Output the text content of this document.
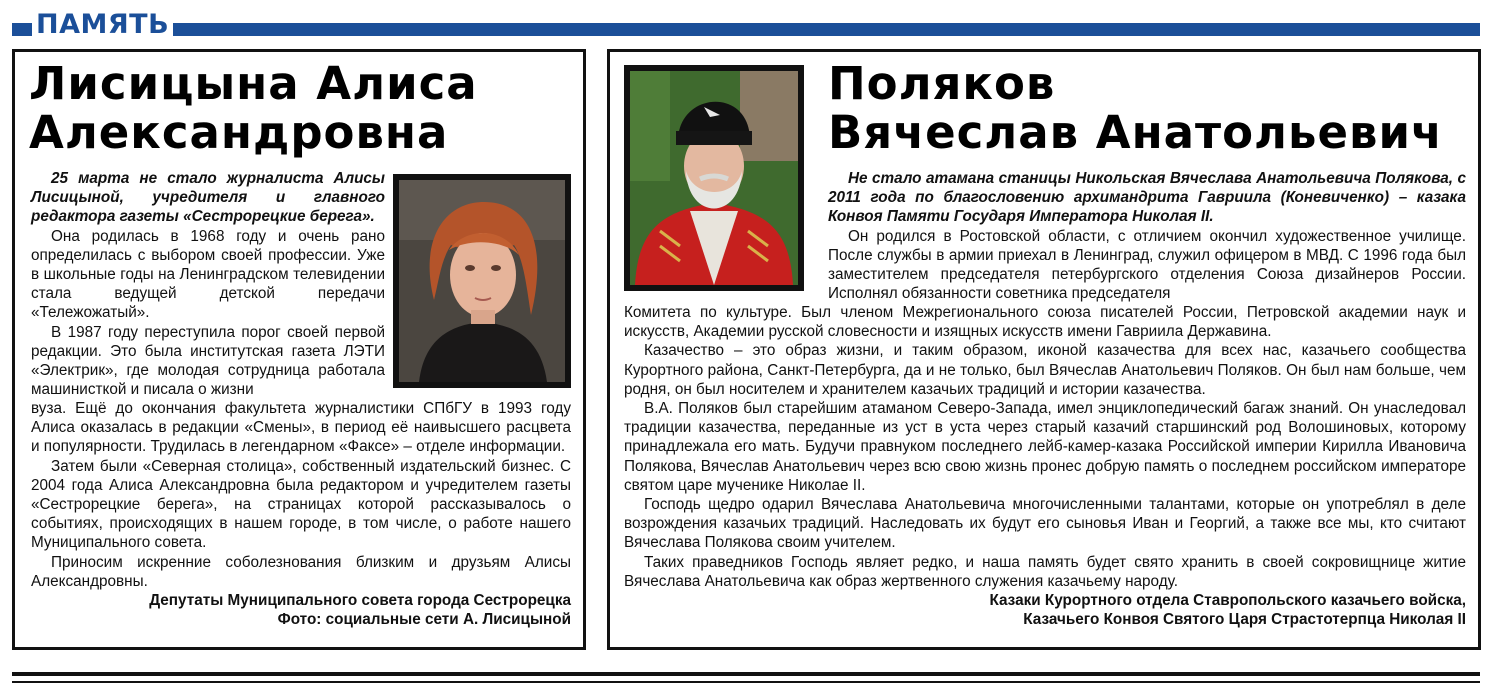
ПАМЯТЬ
Лисицына Алиса
Александровна

25 марта не стало журналиста Алисы Лисицыной, учредителя и главного редактора газеты «Сестрорецкие берега».

Она родилась в 1968 году и очень рано определилась с выбором своей профессии. Уже в школьные годы на Ленинградском телевидении стала ведущей детской передачи «Тележожатый».

В 1987 году переступила порог своей первой редакции. Это была институтская газета ЛЭТИ «Электрик», где молодая сотрудница работала машинисткой и писала о жизни

вуза. Ещё до окончания факультета журналистики СПбГУ в 1993 году Алиса оказалась в редакции «Смены», в период её наивысшего расцвета и популярности. Трудилась в легендарном «Факсе» – отделе информации.

Затем были «Северная столица», собственный издательский бизнес. С 2004 года Алиса Александровна была редактором и учредителем газеты «Сестрорецкие берега», на страницах которой рассказывалось о событиях, происходящих в нашем городе, в том числе, о работе нашего Муниципального совета.

Приносим искренние соболезнования близким и друзьям Алисы Александровны.

Депутаты Муниципального совета города Сестрорецка

Фото: социальные сети А. Лисицыной

Поляков
Вячеслав Анатольевич

Не стало атамана станицы Никольская Вячеслава Анатольевича Полякова, с 2011 года по благословению архимандрита Гавриила (Коневиченко) – казака Конвоя Памяти Государя Императора Николая II.

Он родился в Ростовской области, с отличием окончил художественное училище. После службы в армии приехал в Ленинград, служил офицером в МВД. С 1996 года был заместителем председателя петербургского отделения Союза дизайнеров России. Исполнял обязанности советника председателя

Комитета по культуре. Был членом Межрегионального союза писателей России, Петровской академии наук и искусств, Академии русской словесности и изящных искусств имени Гавриила Державина.

Казачество – это образ жизни, и таким образом, иконой казачества для всех нас, казачьего сообщества Курортного района, Санкт-Петербурга, да и не только, был Вячеслав Анатольевич Поляков. Он был нам больше, чем родня, он был носителем и хранителем казачьих традиций и истории казачества.

В.А. Поляков был старейшим атаманом Северо-Запада, имел энциклопедический багаж знаний. Он унаследовал традиции казачества, переданные из уст в уста через старый казачий старшинский род Волошиновых, которому принадлежала его мать. Будучи правнуком последнего лейб-камер-казака Российской империи Кирилла Ивановича Полякова, Вячеслав Анатольевич через всю свою жизнь пронес добрую память о последнем российском императоре святом царе мученике Николае II.

Господь щедро одарил Вячеслава Анатольевича многочисленными талантами, которые он употреблял в деле возрождения казачьих традиций. Наследовать их будут его сыновья Иван и Георгий, а также все мы, кто считают Вячеслава Полякова своим учителем.

Таких праведников Господь являет редко, и наша память будет свято хранить в своей сокровищнице житие Вячеслава Анатольевича как образ жертвенного служения казачьему народу.

Казаки Курортного отдела Ставропольского казачьего войска,

Казачьего Конвоя Святого Царя Страстотерпца Николая II
